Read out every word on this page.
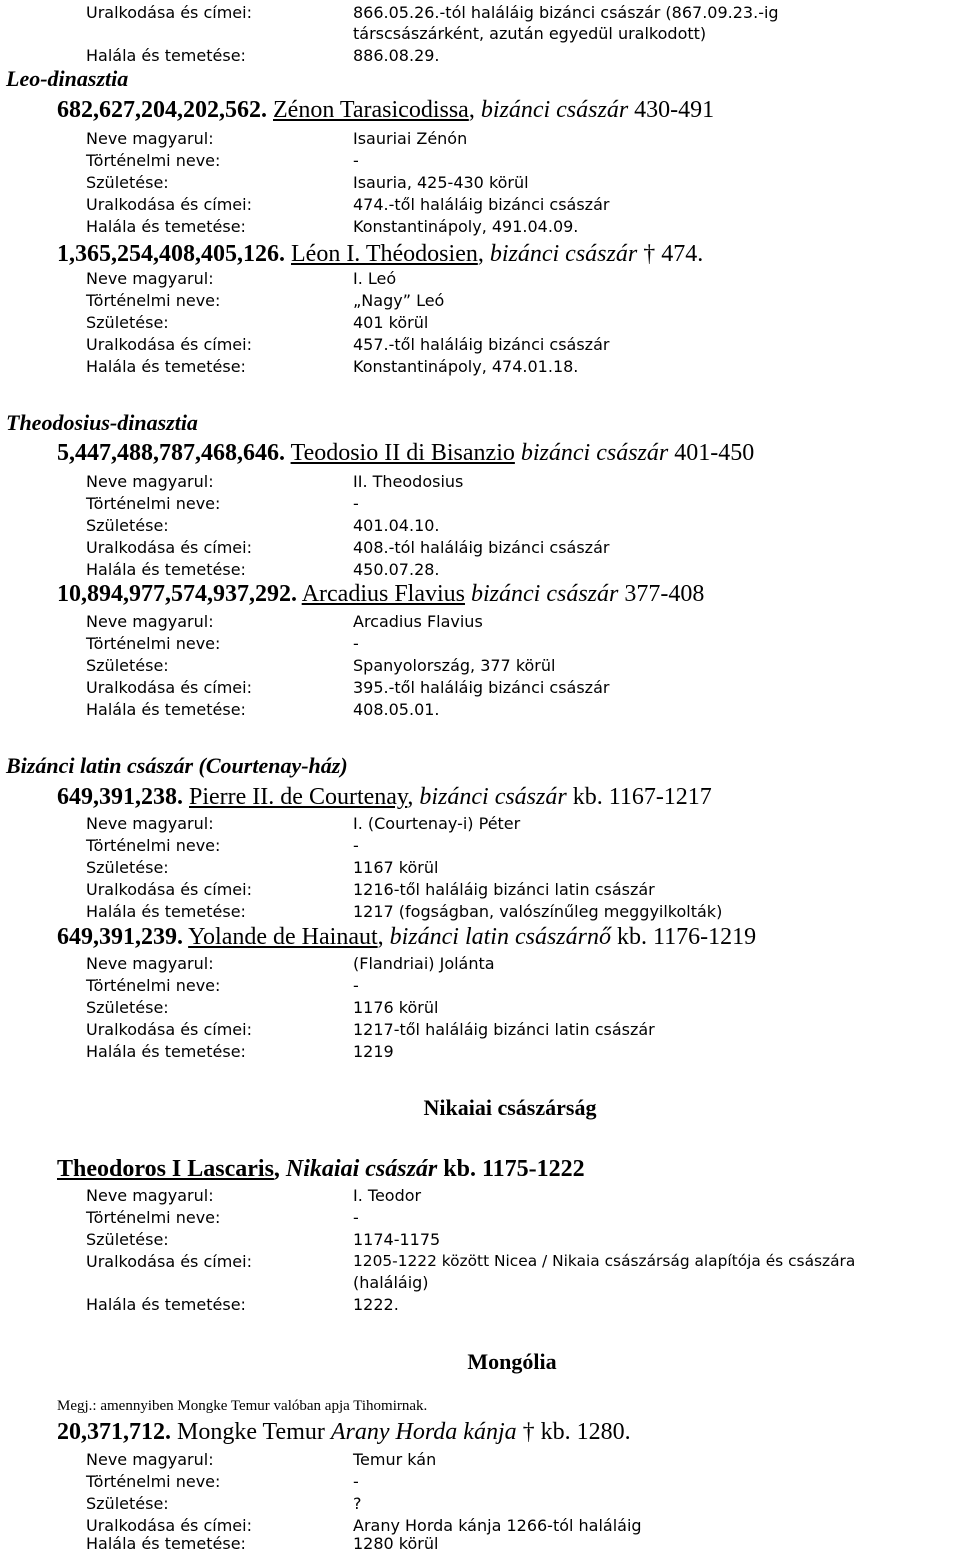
Uralkodása és címei:	866.05.26.-tól haláláig bizánci császár (867.09.23.-ig
társcsászárként, azután egyedül uralkodott)
Halála és temetése:	886.08.29.
Leo-dinasztia
682,627,204,202,562. Zénon Tarasicodissa, bizánci császár 430-491
Neve magyarul:	Isauriai Zénón
Történelmi neve:	-
Születése:	Isauria, 425-430 körül
Uralkodása és címei:	474.-től haláláig bizánci császár
Halála és temetése:	Konstantinápoly, 491.04.09.
1,365,254,408,405,126. Léon I. Théodosien, bizánci császár † 474.
Neve magyarul:	I. Leó
Történelmi neve:	„Nagy” Leó
Születése:	401 körül
Uralkodása és címei:	457.-től haláláig bizánci császár
Halála és temetése:	Konstantinápoly, 474.01.18.
Theodosius-dinasztia
5,447,488,787,468,646. Teodosio II di Bisanzio bizánci császár 401-450
Neve magyarul:	II. Theodosius
Történelmi neve:	-
Születése:	401.04.10.
Uralkodása és címei:	408.-tól haláláig bizánci császár
Halála és temetése:	450.07.28.
10,894,977,574,937,292. Arcadius Flavius bizánci császár 377-408
Neve magyarul:	Arcadius Flavius
Történelmi neve:	-
Születése:	Spanyolország, 377 körül
Uralkodása és címei:	395.-től haláláig bizánci császár
Halála és temetése:	408.05.01.
Bizánci latin császár (Courtenay-ház)
649,391,238. Pierre II. de Courtenay, bizánci császár kb. 1167-1217
Neve magyarul:	I. (Courtenay-i) Péter
Történelmi neve:	-
Születése:	1167 körül
Uralkodása és címei:	1216-től haláláig bizánci latin császár
Halála és temetése:	1217 (fogságban, valószínűleg meggyilkolták)
649,391,239. Yolande de Hainaut, bizánci latin császárnő kb. 1176-1219
Neve magyarul:	(Flandriai) Jolánta
Történelmi neve:	-
Születése:	1176 körül
Uralkodása és címei:	1217-től haláláig bizánci latin császár
Halála és temetése:	1219
Nikaiai császárság
Theodoros I Lascaris, Nikaiai császár kb. 1175-1222
Neve magyarul:	I. Teodor
Történelmi neve:	-
Születése:	1174-1175
Uralkodása és címei:	1205-1222 között Nicea / Nikaia császárság alapítója és császára
(haláláig)
Halála és temetése:	1222.
Mongólia
Megj.: amennyiben Mongke Temur valóban apja Tihomirnak.
20,371,712. Mongke Temur Arany Horda kánja † kb. 1280.
Neve magyarul:	Temur kán
Történelmi neve:	-
Születése:	?
Uralkodása és címei:	Arany Horda kánja 1266-tól haláláig
Halála és temetése:	1280 körül
